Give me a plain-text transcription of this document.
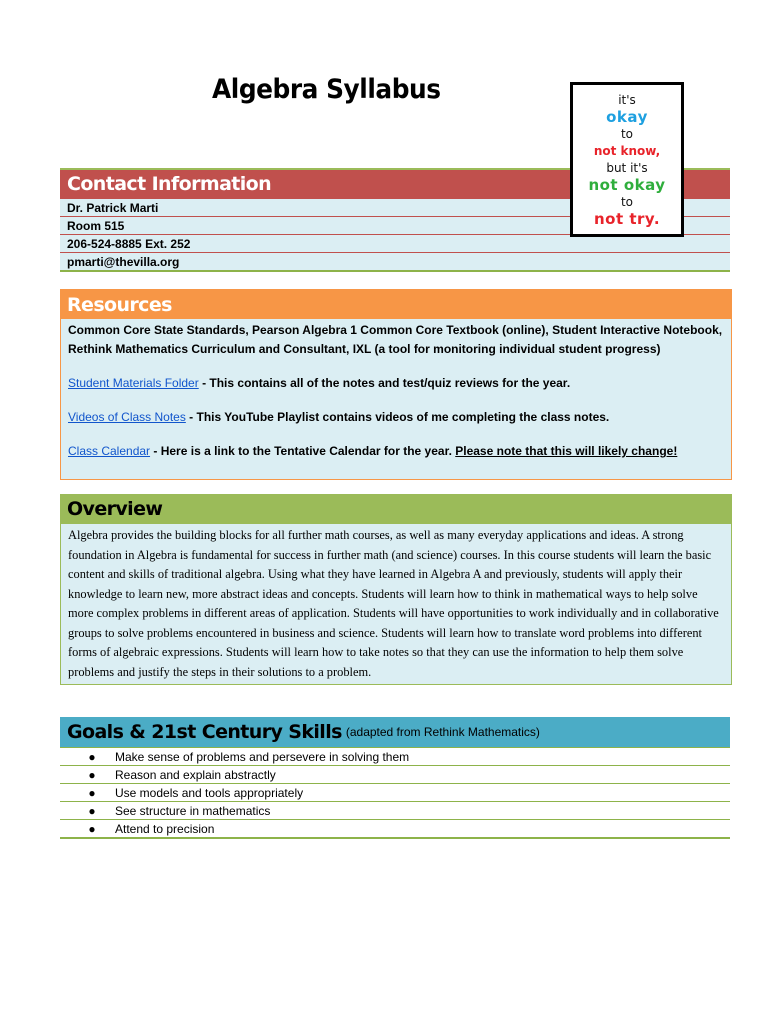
Algebra Syllabus	it's
okay
to
not know,
but it's
not okay
to
not try.
Contact Information
Dr. Patrick Marti
Room 515
206-524-8885 Ext. 252
pmarti@thevilla.org
Resources

Common Core State Standards, Pearson Algebra 1 Common Core Textbook (online), Student Interactive Notebook, Rethink Mathematics Curriculum and Consultant, IXL (a tool for monitoring individual student progress)

Student Materials Folder - This contains all of the notes and test/quiz reviews for the year.

Videos of Class Notes - This YouTube Playlist contains videos of me completing the class notes.

Class Calendar - Here is a link to the Tentative Calendar for the year. Please note that this will likely change!

Overview
Algebra provides the building blocks for all further math courses, as well as many everyday applications and ideas. A strong foundation in Algebra is fundamental for success in further math (and science) courses. In this course students will learn the basic content and skills of traditional algebra. Using what they have learned in Algebra A and previously, students will apply their knowledge to learn new, more abstract ideas and concepts. Students will learn how to think in mathematical ways to help solve more complex problems in different areas of application. Students will have opportunities to work individually and in collaborative groups to solve problems encountered in business and science. Students will learn how to translate word problems into different forms of algebraic expressions. Students will learn how to take notes so that they can use the information to help them solve problems and justify the steps in their solutions to a problem.
Goals & 21st Century Skills (adapted from Rethink Mathematics)
●	Make sense of problems and persevere in solving them
●	Reason and explain abstractly
●	Use models and tools appropriately
●	See structure in mathematics
●	Attend to precision
